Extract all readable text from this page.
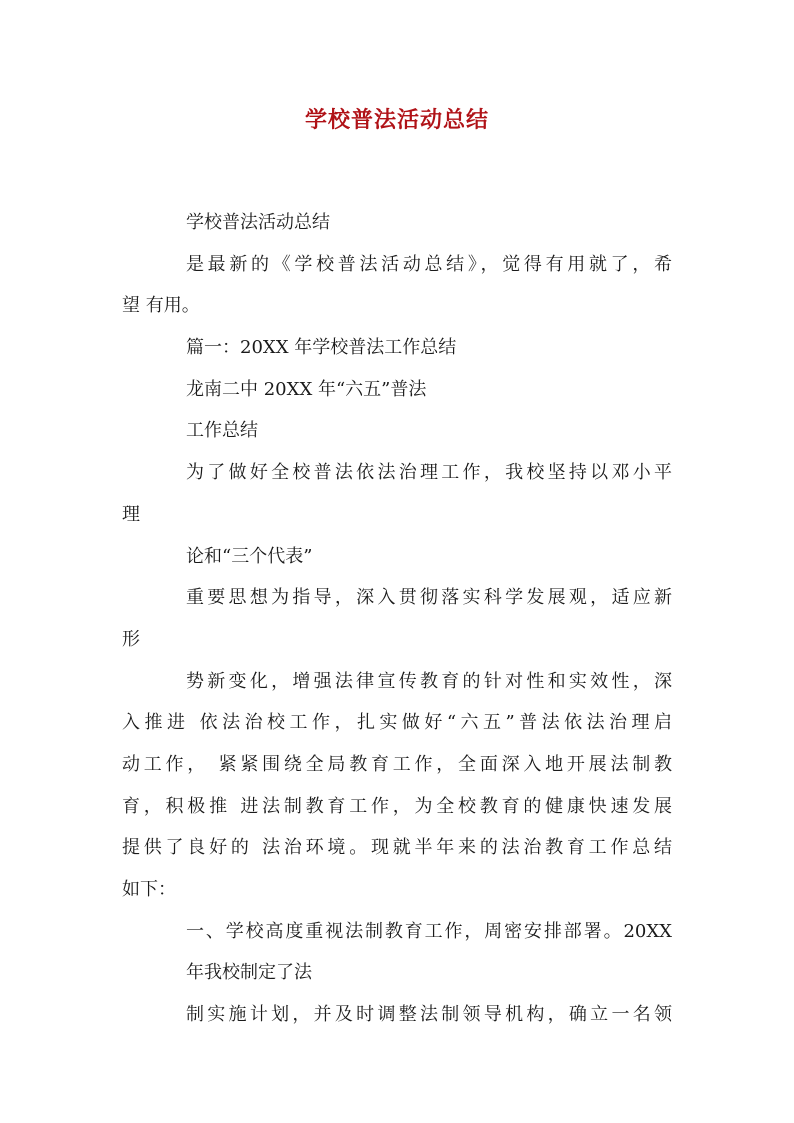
学校普法活动总结
学校普法活动总结
是最新的《学校普法活动总结》，觉得有用就了，希
望 有用。
篇一：20XX 年学校普法工作总结
龙南二中 20XX 年“六五”普法
工作总结
为了做好全校普法依法治理工作，我校坚持以邓小平
理
论和“三个代表”
重要思想为指导，深入贯彻落实科学发展观，适应新
形
势新变化，增强法律宣传教育的针对性和实效性，深
入推进 依法治校工作，扎实做好“六五”普法依法治理启
动工作， 紧紧围绕全局教育工作，全面深入地开展法制教
育，积极推 进法制教育工作，为全校教育的健康快速发展
提供了良好的 法治环境。现就半年来的法治教育工作总结
如下：
一、学校高度重视法制教育工作，周密安排部署。20XX
年我校制定了法
制实施计划，并及时调整法制领导机构，确立一名领
